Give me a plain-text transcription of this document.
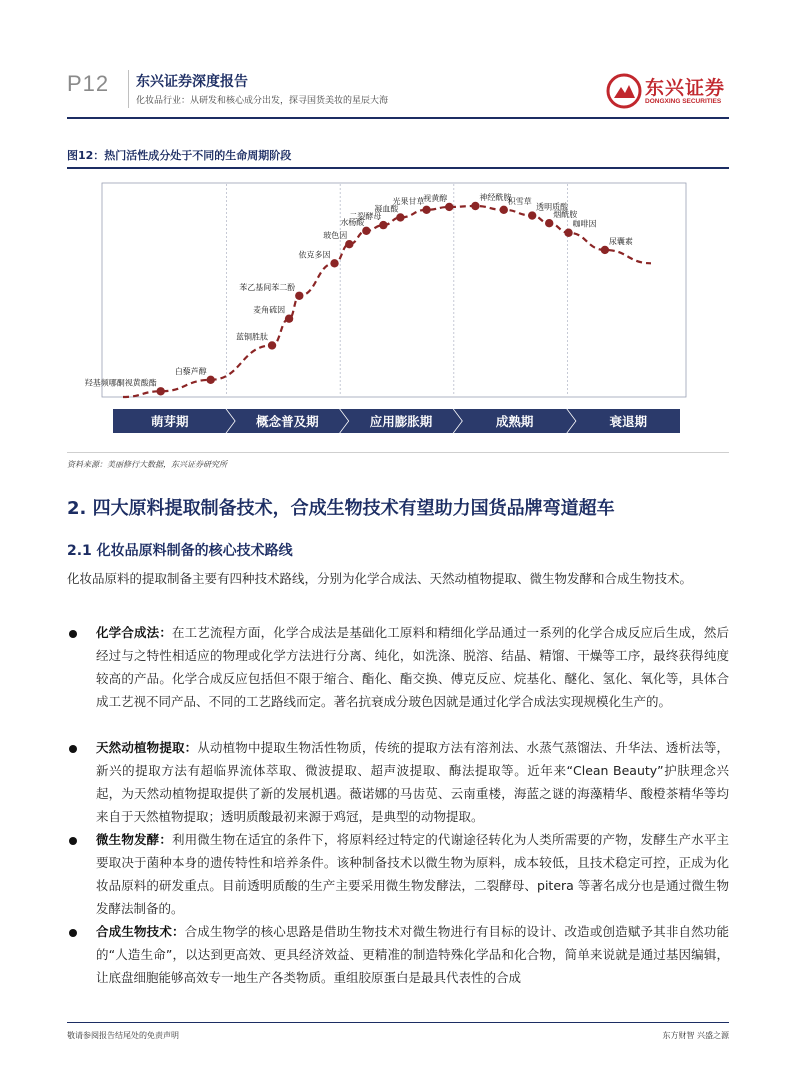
P12 东兴证券深度报告
化妆品行业：从研发和核心成分出发，探寻国货美妆的星辰大海
东兴证券
DONGXING SECURITIES
图12：热门活性成分处于不同的生命周期阶段
羟基频哪酮视黄酸酯
白藜芦醇
蓝铜胜肽
麦角硫因
苯乙基间苯二酚
依克多因
玻色因
水杨酸
二裂酵母
凝血酸
光果甘草
视黄醇	神经酰胺
积雪草
透明质酸
烟酰胺
咖啡因
尿囊素
萌芽期	概念普及期	应用膨胀期	成熟期	衰退期
资料来源：美丽修行大数据，东兴证券研究所
2. 四大原料提取制备技术，合成生物技术有望助力国货品牌弯道超车
2.1 化妆品原料制备的核心技术路线
化妆品原料的提取制备主要有四种技术路线，分别为化学合成法、天然动植物提取、微生物发酵和合成生物技术。
化学合成法：在工艺流程方面，化学合成法是基础化工原料和精细化学品通过一系列的化学合成反应后生成，然后经过与之特性相适应的物理或化学方法进行分离、纯化，如洗涤、脱溶、结晶、精馏、干燥等工序，最终获得纯度较高的产品。化学合成反应包括但不限于缩合、酯化、酯交换、傅克反应、烷基化、醚化、氢化、氧化等，具体合成工艺视不同产品、不同的工艺路线而定。著名抗衰成分玻色因就是通过化学合成法实现规模化生产的。
天然动植物提取：从动植物中提取生物活性物质，传统的提取方法有溶剂法、水蒸气蒸馏法、升华法、透析法等，新兴的提取方法有超临界流体萃取、微波提取、超声波提取、酶法提取等。近年来“Clean Beauty”护肤理念兴起，为天然动植物提取提供了新的发展机遇。薇诺娜的马齿苋、云南重楼，海蓝之谜的海藻精华、酸橙茶精华等均来自于天然植物提取；透明质酸最初来源于鸡冠，是典型的动物提取。
微生物发酵：利用微生物在适宜的条件下，将原料经过特定的代谢途径转化为人类所需要的产物，发酵生产水平主要取决于菌种本身的遗传特性和培养条件。该种制备技术以微生物为原料，成本较低，且技术稳定可控，正成为化妆品原料的研发重点。目前透明质酸的生产主要采用微生物发酵法，二裂酵母、pitera 等著名成分也是通过微生物发酵法制备的。
合成生物技术：合成生物学的核心思路是借助生物技术对微生物进行有目标的设计、改造或创造赋予其非自然功能的“人造生命”，以达到更高效、更具经济效益、更精准的制造特殊化学品和化合物，简单来说就是通过基因编辑，让底盘细胞能够高效专一地生产各类物质。重组胶原蛋白是最具代表性的合成
敬请参阅报告结尾处的免责声明	东方财智 兴盛之源
